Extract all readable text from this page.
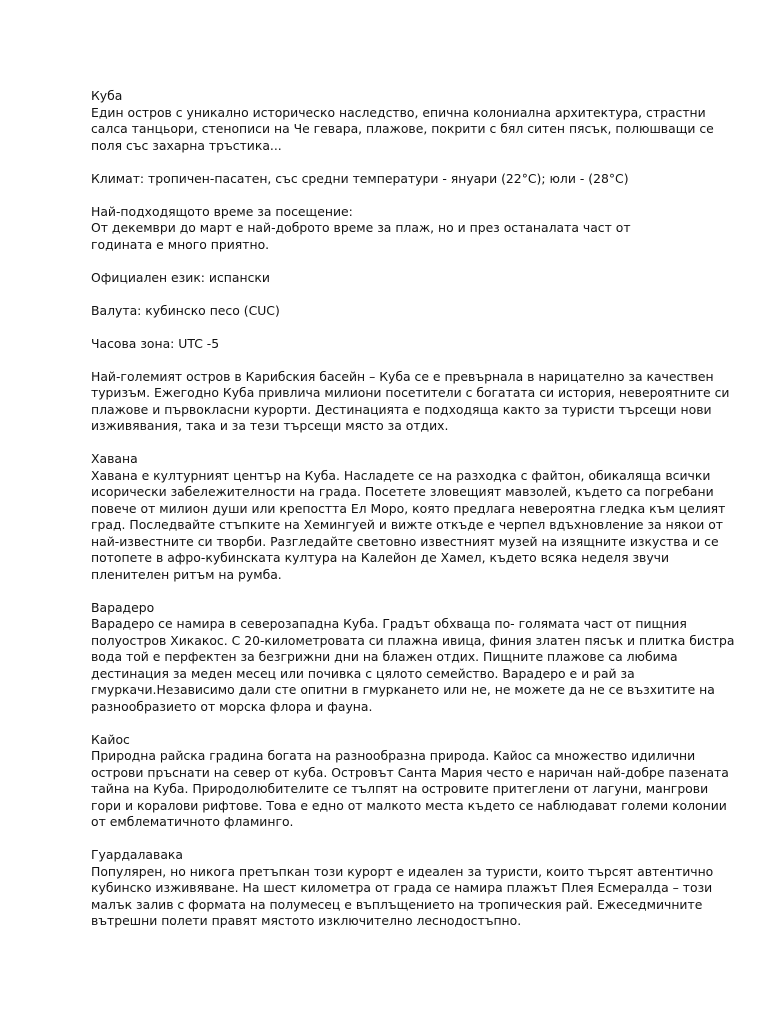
Куба
Един остров с уникално историческо наследство, епична колониална архитектура, страстни
салса танцьори, стенописи на Че гевара, плажове, покрити с бял ситен пясък, полюшващи се
поля със захарна тръстика...
Климат: тропичен-пасатен, със средни температури - януари (22°C); юли - (28°C)
Най-подходящото време за посещение:
От декември до март е най-доброто време за плаж, но и през останалата част от
годината е много приятно.
Официален език: испански
Валута: кубинско песо (CUC)
Часова зона: UTC -5
Най-големият остров в Карибския басейн – Куба се е превърнала в нарицателно за качествен
туризъм. Ежегодно Куба привлича милиони посетители с богатата си история, невероятните си
плажове и първокласни курорти. Дестинацията е подходяща както за туристи търсещи нови
изживявания, така и за тези търсещи място за отдих.
Хавана
Хавана е културният център на Куба. Насладете се на разходка с файтон, обикаляща всички
исорически забележителности на града. Посетете зловещият мавзолей, където са погребани
повече от милион души или крепостта Ел Моро, която предлага невероятна гледка към целият
град. Последвайте стъпките на Хемингуей и вижте откъде е черпел вдъхновление за някои от
най-известните си творби. Разгледайте световно известният музей на изящните изкуства и се
потопете в афро-кубинската култура на Калейон де Хамел, където всяка неделя звучи
пленителен ритъм на румба.
Варадеро
Варадеро се намира в северозападна Куба. Градът обхваща по- голямата част от пищния
полуостров Хикакос. С 20-километровата си плажна ивица, финия златен пясък и плитка бистра
вода той е перфектен за безгрижни дни на блажен отдих. Пищните плажове са любима
дестинация за меден месец или почивка с цялото семейство. Варадеро е и рай за
гмуркачи.Независимо дали сте опитни в гмуркането или не, не можете да не се възхитите на
разнообразието от морска флора и фауна.
Кайос
Природна райска градина богата на разнообразна природа. Кайос са множество идилични
острови пръснати на север от куба. Островът Санта Мария често е наричан най-добре пазената
тайна на Куба. Природолюбителите се тълпят на островите притеглени от лагуни, мангрови
гори и коралови рифтове. Това е едно от малкото места където се наблюдават големи колонии
от емблематичното фламинго.
Гуардалавака
Популярен, но никога претъпкан този курорт е идеален за туристи, които търсят автентично
кубинско изживяване. На шест километра от града се намира плажът Плея Есмералда – този
малък залив с формата на полумесец е въплъщението на тропическия рай. Ежеседмичните
вътрешни полети правят мястото изключително леснодостъпно.
